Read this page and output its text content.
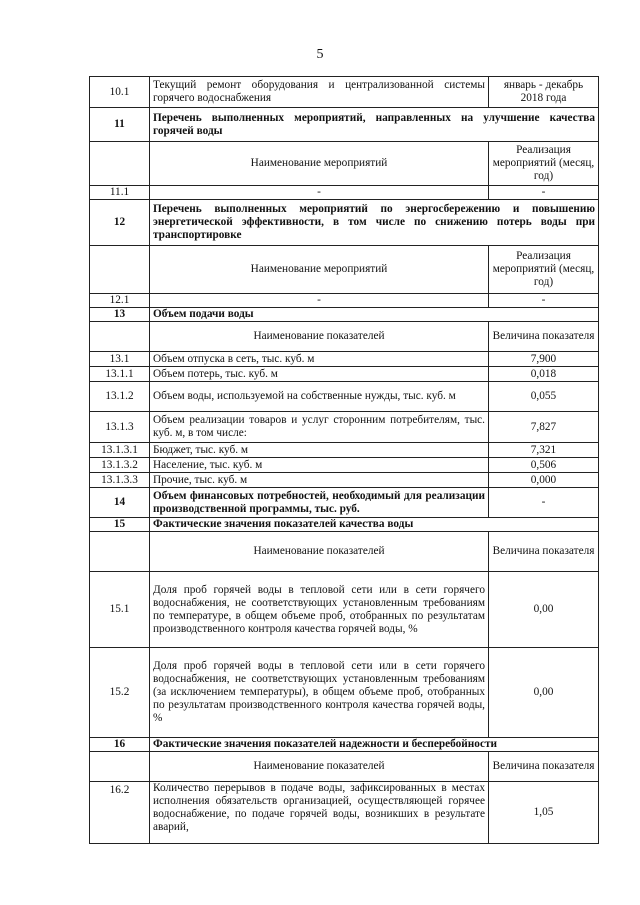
5
10.1	Текущий ремонт оборудования и централизованной системы горячего водоснабжения	январь - декабрь 2018 года
11	Перечень выполненных мероприятий, направленных на улучшение качества горячей воды	
	Наименование мероприятий	Реализация мероприятий (месяц, год)
11.1	-	-
12	Перечень выполненных мероприятий по энергосбережению и повышению энергетической эффективности, в том числе по снижению потерь воды при транспортировке	
	Наименование мероприятий	Реализация мероприятий (месяц, год)
12.1	-	-
13	Объем подачи воды	
	Наименование показателей	Величина показателя
13.1	Объем отпуска в сеть, тыс. куб. м	7,900
13.1.1	Объем потерь, тыс. куб. м	0,018
13.1.2	Объем воды, используемой на собственные нужды, тыс. куб. м	0,055
13.1.3	Объем реализации товаров и услуг сторонним потребителям, тыс. куб. м, в том числе:	7,827
13.1.3.1	Бюджет, тыс. куб. м	7,321
13.1.3.2	Население, тыс. куб. м	0,506
13.1.3.3	Прочие, тыс. куб. м	0,000
14	Объем финансовых потребностей, необходимый для реализации производственной программы, тыс. руб.	-
15	Фактические значения показателей качества воды	
	Наименование показателей	Величина показателя
15.1	Доля проб горячей воды в тепловой сети или в сети горячего водоснабжения, не соответствующих установленным требованиям по температуре, в общем объеме проб, отобранных по результатам производственного контроля качества горячей воды, %	0,00
15.2	Доля проб горячей воды в тепловой сети или в сети горячего водоснабжения, не соответствующих установленным требованиям (за исключением температуры), в общем объеме проб, отобранных по результатам производственного контроля качества горячей воды, %	0,00
16	Фактические значения показателей надежности и бесперебойности	
	Наименование показателей	Величина показателя
16.2	Количество перерывов в подаче воды, зафиксированных в местах исполнения обязательств организацией, осуществляющей горячее водоснабжение, по подаче горячей воды, возникших в результате аварий,	1,05
